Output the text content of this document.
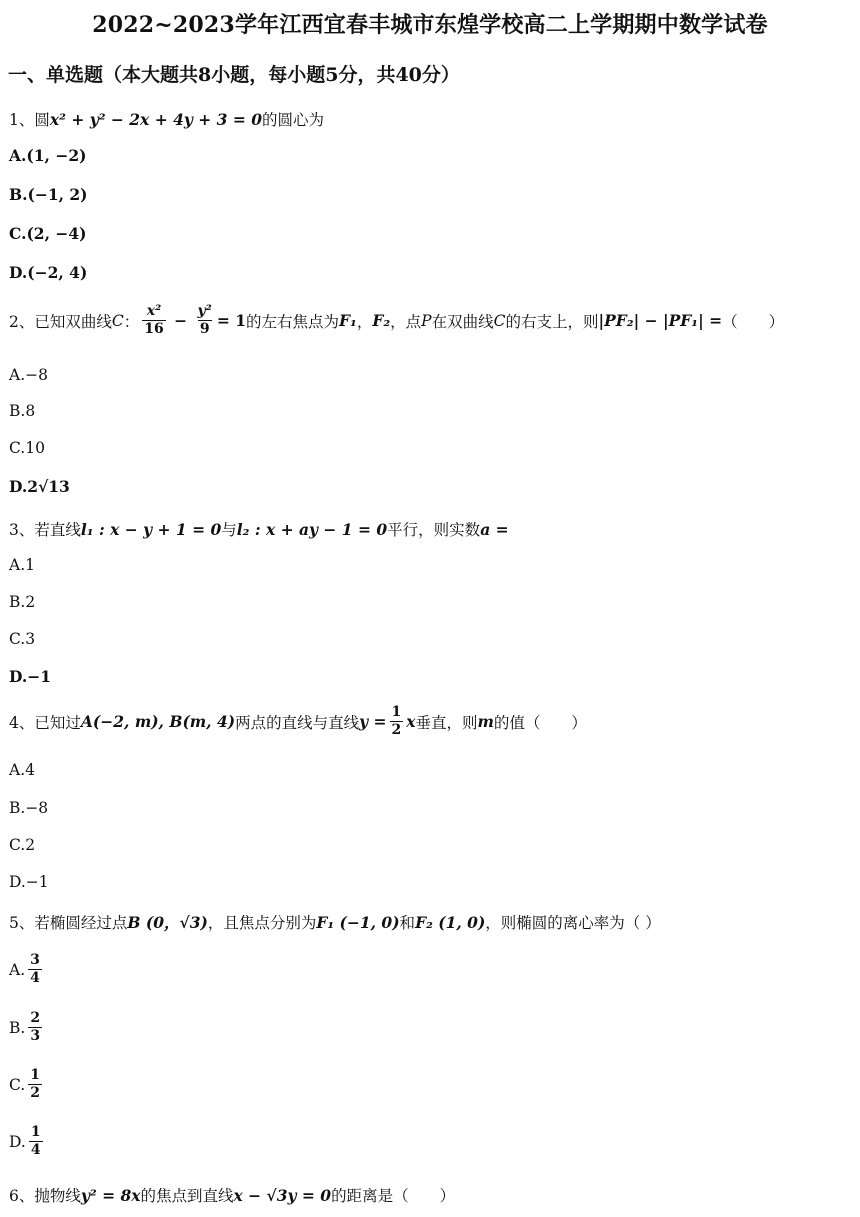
2022~2023学年江西宜春丰城市东煌学校高二上学期期中数学试卷
一、单选题（本大题共8小题，每小题5分，共40分）
1、 圆 x² + y² − 2x + 4y + 3 = 0 的圆心为
A.(1, −2)
B.(−1, 2)
C.(2, −4)
D.(−2, 4)
2、 已知双曲线 C ： $\frac{\text{x²}}{16} - \frac{\text{y²}}{9} = 1$ 的左右焦点为 F₁ ， F₂ ，点 P 在双曲线 C 的右支上，则 |PF₂| − |PF₁| = （　　）
A.−8
B.8
C.10
D.2√13
3、 若直线 l₁ : x − y + 1 = 0 与 l₂ : x + ay − 1 = 0 平行，则实数 a =
A.1
B.2
C.3
D.−1
4、 已知过 A(−2, m), B(m, 4) 两点的直线与直线 $y = \frac{1}{2}$ x 垂直，则 m 的值（　　）
A.4
B.−8
C.2
D.−1
5、 若椭圆经过点 B (0，√3) ，且焦点分别为 F₁ (−1, 0) 和 F₂ (1, 0) ，则椭圆的离心率为（ ）
A. $\frac{3}{4}$
B. $\frac{2}{3}$
C. $\frac{1}{2}$
D. $\frac{1}{4}$
6、 抛物线 y² = 8x 的焦点到直线 x − √3y = 0 的距离是（　　）
